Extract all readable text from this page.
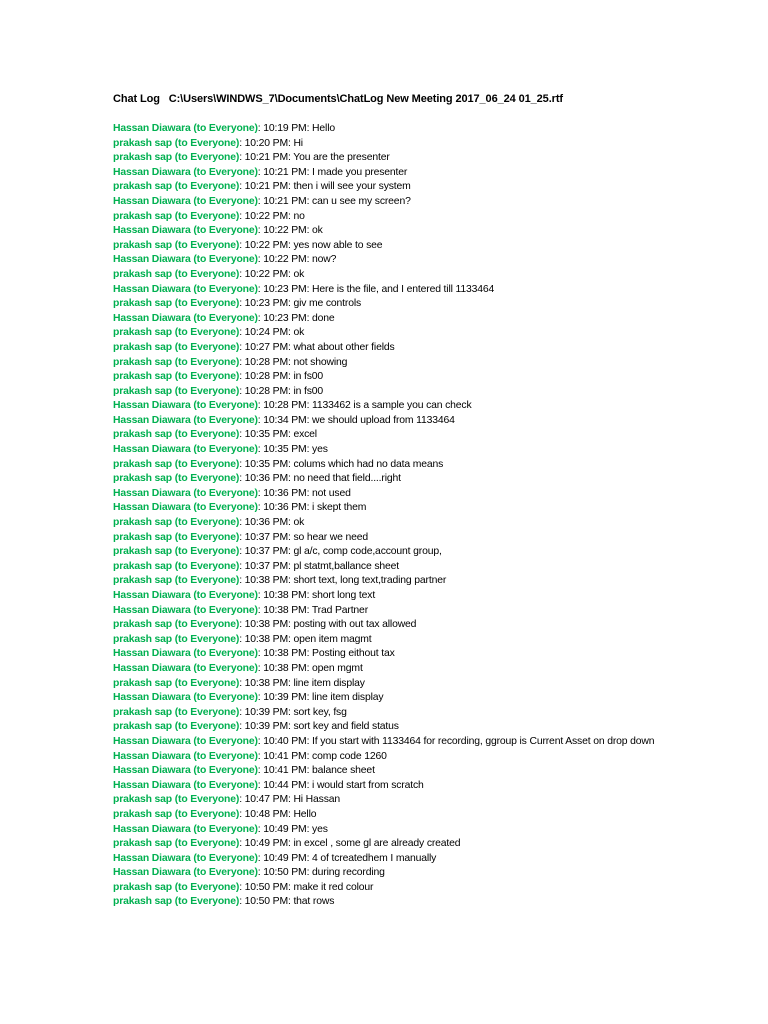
Chat Log C:\Users\WINDWS_7\Documents\ChatLog New Meeting 2017_06_24 01_25.rtf
Hassan Diawara (to Everyone): 10:19 PM: Hello
prakash sap (to Everyone): 10:20 PM: Hi
prakash sap (to Everyone): 10:21 PM: You are the presenter
Hassan Diawara (to Everyone): 10:21 PM: I made you presenter
prakash sap (to Everyone): 10:21 PM: then i will see your system
Hassan Diawara (to Everyone): 10:21 PM: can u see my screen?
prakash sap (to Everyone): 10:22 PM: no
Hassan Diawara (to Everyone): 10:22 PM: ok
prakash sap (to Everyone): 10:22 PM: yes now able to see
Hassan Diawara (to Everyone): 10:22 PM: now?
prakash sap (to Everyone): 10:22 PM: ok
Hassan Diawara (to Everyone): 10:23 PM: Here is the file, and I entered till 1133464
prakash sap (to Everyone): 10:23 PM: giv me controls
Hassan Diawara (to Everyone): 10:23 PM: done
prakash sap (to Everyone): 10:24 PM: ok
prakash sap (to Everyone): 10:27 PM: what about other fields
prakash sap (to Everyone): 10:28 PM: not showing
prakash sap (to Everyone): 10:28 PM: in fs00
prakash sap (to Everyone): 10:28 PM: in fs00
Hassan Diawara (to Everyone): 10:28 PM: 1133462 is a sample you can check
Hassan Diawara (to Everyone): 10:34 PM: we should upload from 1133464
prakash sap (to Everyone): 10:35 PM: excel
Hassan Diawara (to Everyone): 10:35 PM: yes
prakash sap (to Everyone): 10:35 PM: colums which had no data means
prakash sap (to Everyone): 10:36 PM: no need that field....right
Hassan Diawara (to Everyone): 10:36 PM: not used
Hassan Diawara (to Everyone): 10:36 PM: i skept them
prakash sap (to Everyone): 10:36 PM: ok
prakash sap (to Everyone): 10:37 PM: so hear we need
prakash sap (to Everyone): 10:37 PM: gl a/c, comp code,account group,
prakash sap (to Everyone): 10:37 PM: pl statmt,ballance sheet
prakash sap (to Everyone): 10:38 PM: short text, long text,trading partner
Hassan Diawara (to Everyone): 10:38 PM: short long text
Hassan Diawara (to Everyone): 10:38 PM: Trad Partner
prakash sap (to Everyone): 10:38 PM: posting with out tax allowed
prakash sap (to Everyone): 10:38 PM: open item magmt
Hassan Diawara (to Everyone): 10:38 PM: Posting eithout tax
Hassan Diawara (to Everyone): 10:38 PM: open mgmt
prakash sap (to Everyone): 10:38 PM: line item display
Hassan Diawara (to Everyone): 10:39 PM: line item display
prakash sap (to Everyone): 10:39 PM: sort key, fsg
prakash sap (to Everyone): 10:39 PM: sort key and field status
Hassan Diawara (to Everyone): 10:40 PM: If you start with 1133464 for recording, ggroup is Current Asset on drop down
Hassan Diawara (to Everyone): 10:41 PM: comp code 1260
Hassan Diawara (to Everyone): 10:41 PM: balance sheet
Hassan Diawara (to Everyone): 10:44 PM: i would start from scratch
prakash sap (to Everyone): 10:47 PM: Hi Hassan
prakash sap (to Everyone): 10:48 PM: Hello
Hassan Diawara (to Everyone): 10:49 PM: yes
prakash sap (to Everyone): 10:49 PM: in excel , some gl are already created
Hassan Diawara (to Everyone): 10:49 PM: 4 of tcreatedhem I manually
Hassan Diawara (to Everyone): 10:50 PM: during recording
prakash sap (to Everyone): 10:50 PM: make it red colour
prakash sap (to Everyone): 10:50 PM: that rows
